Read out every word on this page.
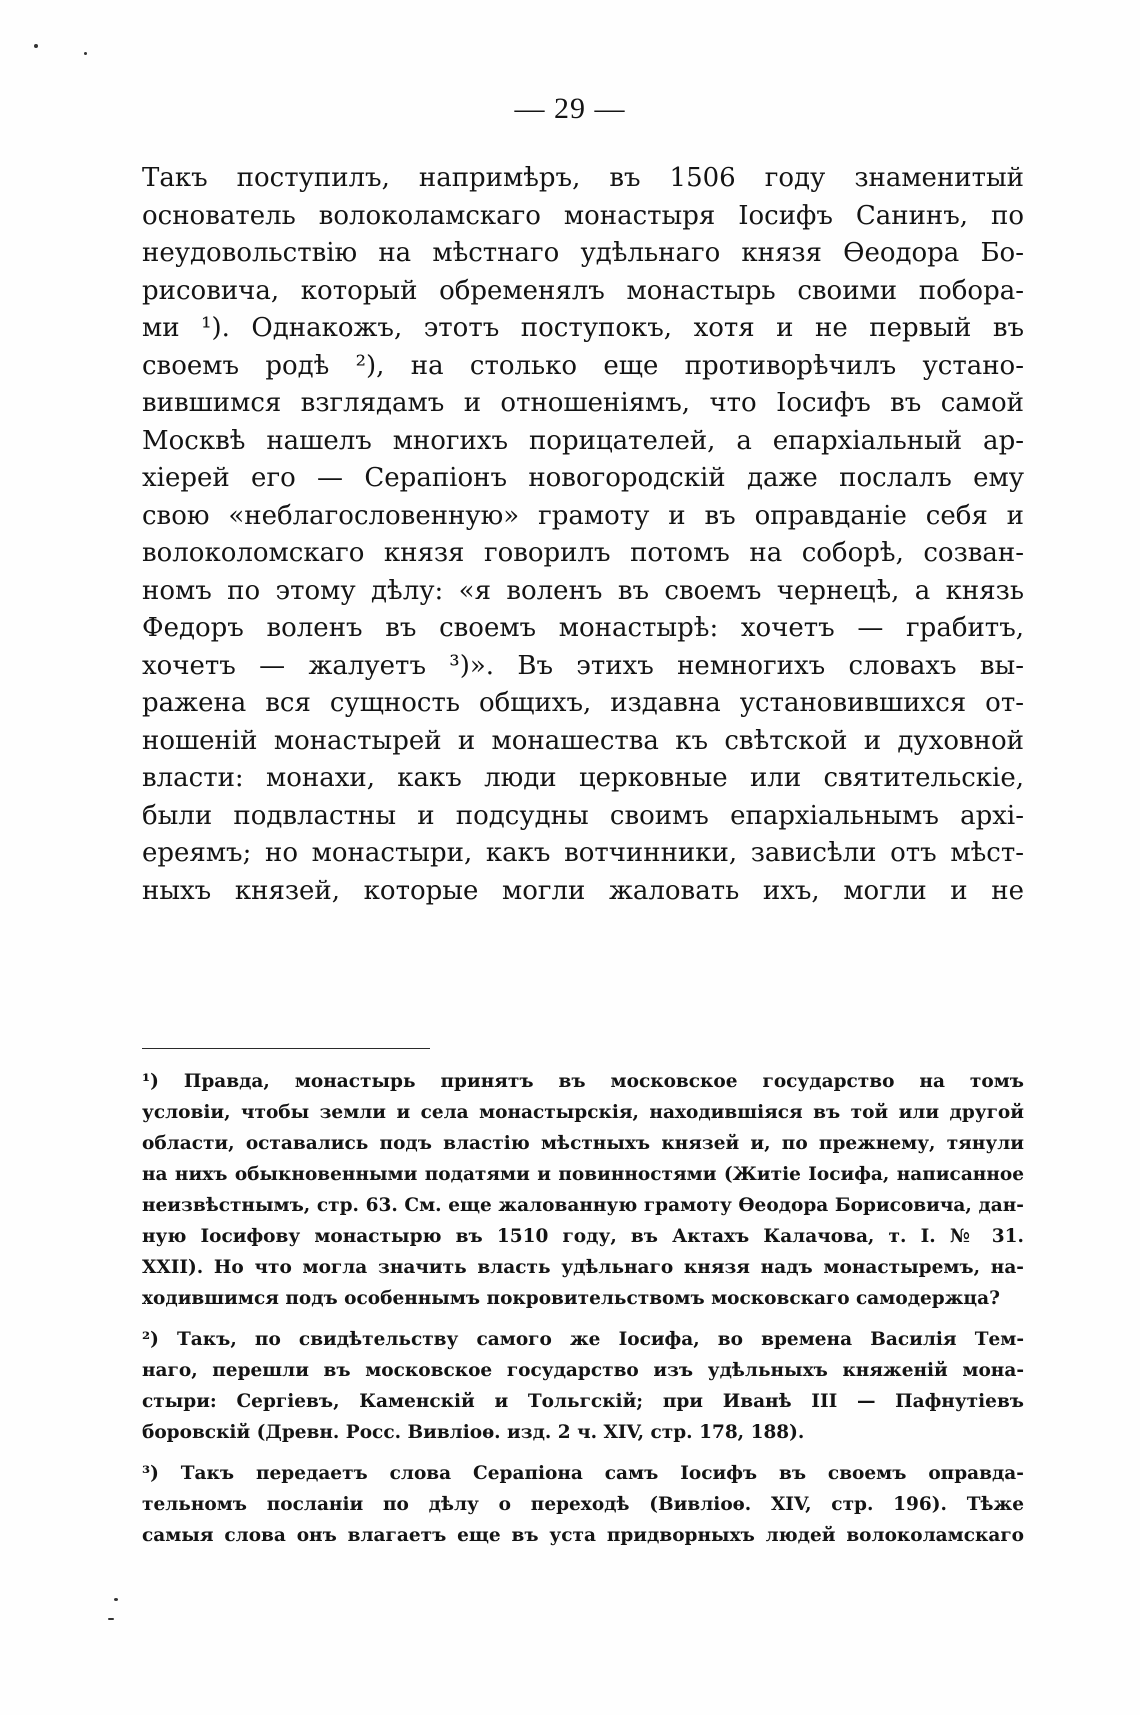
— 29 —
Такъ поступилъ, напримѣръ, въ 1506 году знаменитый
основатель волоколамскаго монастыря Іосифъ Санинъ, по
неудовольствію на мѣстнаго удѣльнаго князя Ѳеодора Бо-
рисовича, который обременялъ монастырь своими побора-
ми ¹). Однакожъ, этотъ поступокъ, хотя и не первый въ
своемъ родѣ ²), на столько еще противорѣчилъ устано-
вившимся взглядамъ и отношеніямъ, что Іосифъ въ самой
Москвѣ нашелъ многихъ порицателей, а епархіальный ар-
хіерей его — Серапіонъ новогородскій даже послалъ ему
свою «неблагословенную» грамоту и въ оправданіе себя и
волоколомскаго князя говорилъ потомъ на соборѣ, созван-
номъ по этому дѣлу: «я воленъ въ своемъ чернецѣ, а князь
Федоръ воленъ въ своемъ монастырѣ: хочетъ — грабитъ,
хочетъ — жалуетъ ³)». Въ этихъ немногихъ словахъ вы-
ражена вся сущность общихъ, издавна установившихся от-
ношеній монастырей и монашества къ свѣтской и духовной
власти: монахи, какъ люди церковные или святительскіе,
были подвластны и подсудны своимъ епархіальнымъ архі-
ереямъ; но монастыри, какъ вотчинники, зависѣли отъ мѣст-
ныхъ князей, которые могли жаловать ихъ, могли и не
¹) Правда, монастырь принятъ въ московское государство на томъ
условіи, чтобы земли и села монастырскія, находившіяся въ той или другой
области, оставались подъ властію мѣстныхъ князей и, по прежнему, тянули
на нихъ обыкновенными податями и повинностями (Житіе Іосифа, написанное
неизвѣстнымъ, стр. 63. См. еще жалованную грамоту Ѳеодора Борисовича, дан-
ную Іосифову монастырю въ 1510 году, въ Актахъ Калачова, т. I. № 31.
XXII). Но что могла значить власть удѣльнаго князя надъ монастыремъ, на-
ходившимся подъ особеннымъ покровительствомъ московскаго самодержца?
²) Такъ, по свидѣтельству самого же Іосифа, во времена Василія Тем-
наго, перешли въ московское государство изъ удѣльныхъ княженій мона-
стыри: Сергіевъ, Каменскій и Тольгскій; при Иванѣ III — Пафнутіевъ
боровскій (Древн. Росс. Вивліоѳ. изд. 2 ч. XIV, стр. 178, 188).
³) Такъ передаетъ слова Серапіона самъ Іосифъ въ своемъ оправда-
тельномъ посланіи по дѣлу о переходѣ (Вивліоѳ. XIV, стр. 196). Тѣже
самыя слова онъ влагаетъ еще въ уста придворныхъ людей волоколамскаго
